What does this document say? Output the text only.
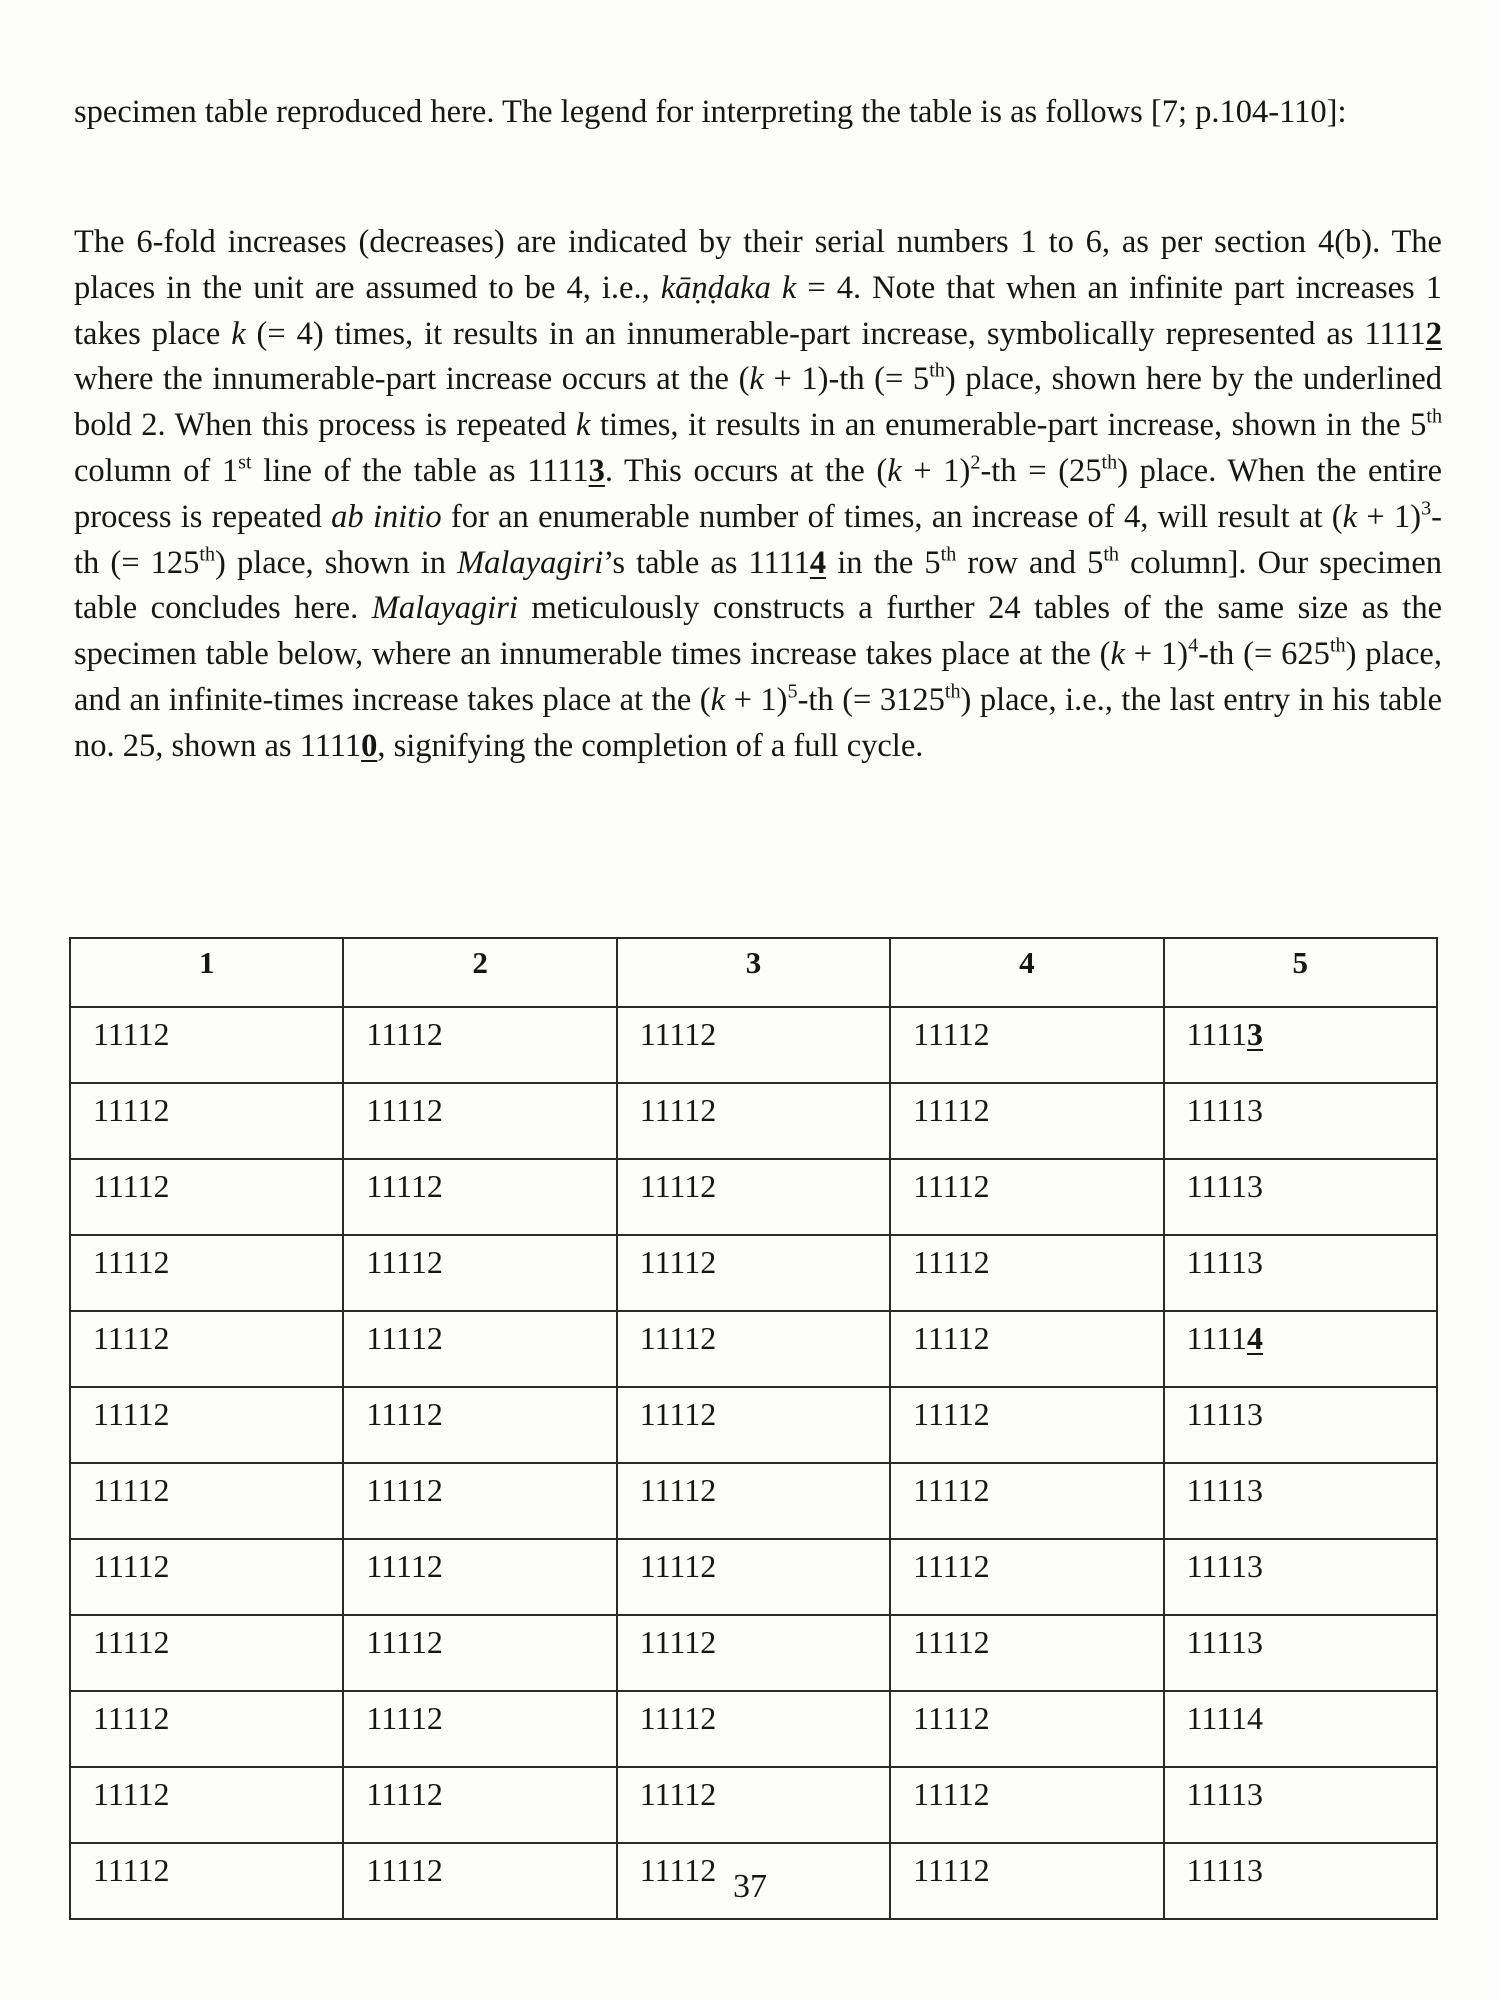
specimen table reproduced here. The legend for interpreting the table is as follows [7; p.104-110]:

The 6-fold increases (decreases) are indicated by their serial numbers 1 to 6, as per section 4(b). The places in the unit are assumed to be 4, i.e., kāṇḍaka k = 4. Note that when an infinite part increases 1 takes place k (= 4) times, it results in an innumerable-part increase, symbolically represented as 11112 where the innumerable-part increase occurs at the (k + 1)-th (= 5th) place, shown here by the underlined bold 2. When this process is repeated k times, it results in an enumerable-part increase, shown in the 5th column of 1st line of the table as 11113. This occurs at the $(k + 1)^2-th = (25th)$ place. When the entire process is repeated ab initio for an enumerable number of times, an increase of 4, will result at $(k + 1)^3-th$ (= 125th) place, shown in Malayagiri’s table as 11114 in the 5th row and 5th column]. Our specimen table concludes here. Malayagiri meticulously constructs a further 24 tables of the same size as the specimen table below, where an innumerable times increase takes place at the $(k + 1)^4-th$ (= 625th) place, and an infinite-times increase takes place at the $(k + 1)^5-th$ (= 3125th) place, i.e., the last entry in his table no. 25, shown as 11110, signifying the completion of a full cycle.

1	2	3	4	5
11112	11112	11112	11112	11113
11112	11112	11112	11112	11113
11112	11112	11112	11112	11113
11112	11112	11112	11112	11113
11112	11112	11112	11112	11114
11112	11112	11112	11112	11113
11112	11112	11112	11112	11113
11112	11112	11112	11112	11113
11112	11112	11112	11112	11113
11112	11112	11112	11112	11114
11112	11112	11112	11112	11113
11112	11112	11112	11112	11113
37
